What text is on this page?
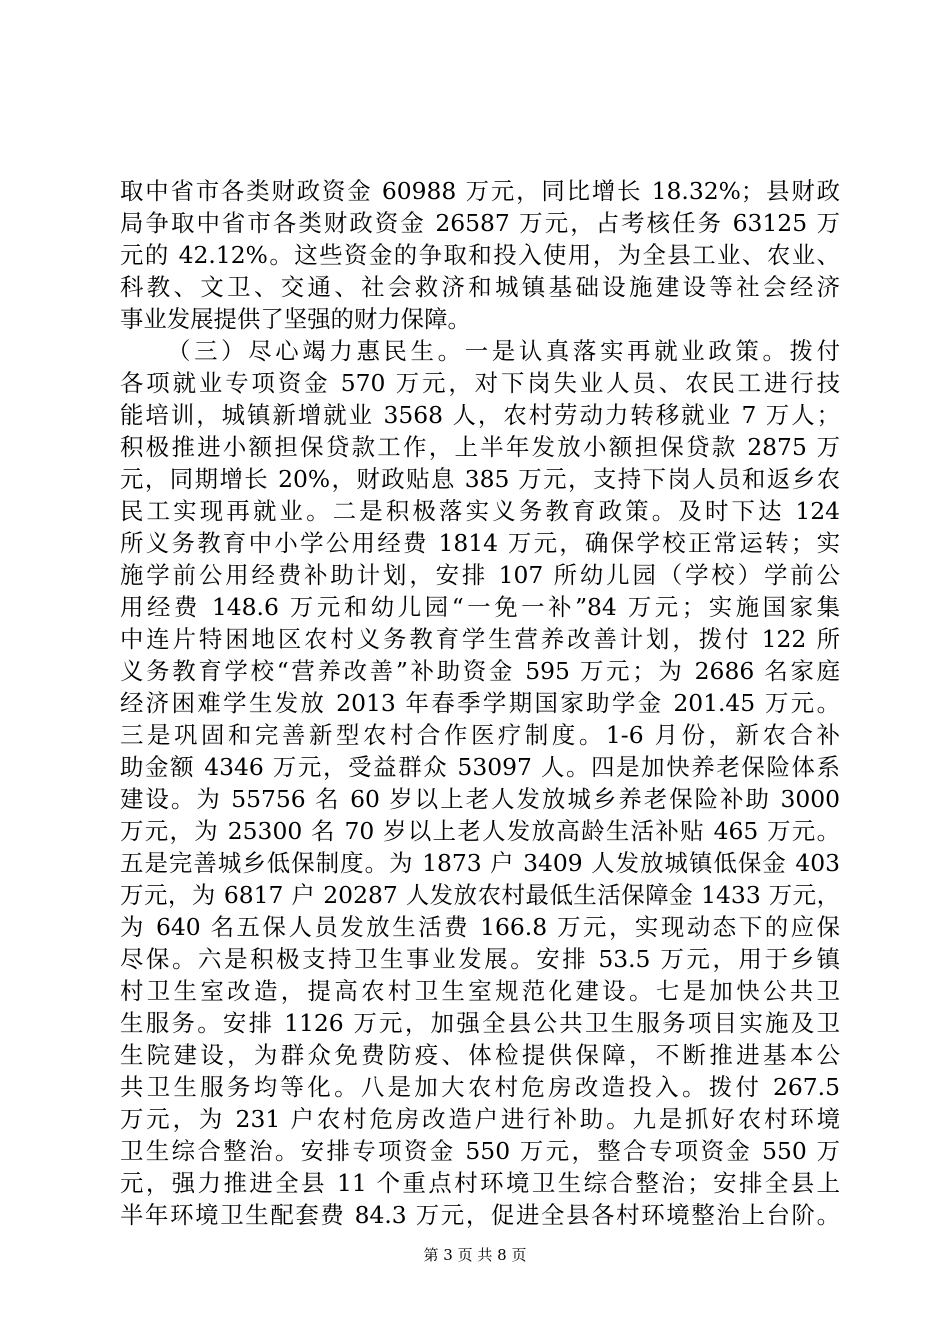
取中省市各类财政资金 60988 万元，同比增长 18.32%；县财政
局争取中省市各类财政资金 26587 万元，占考核任务 63125 万
元的 42.12%。这些资金的争取和投入使用，为全县工业、农业、
科教、文卫、交通、社会救济和城镇基础设施建设等社会经济
事业发展提供了坚强的财力保障。
（三）尽心竭力惠民生。一是认真落实再就业政策。拨付
各项就业专项资金 570 万元，对下岗失业人员、农民工进行技
能培训，城镇新增就业 3568 人，农村劳动力转移就业 7 万人；
积极推进小额担保贷款工作，上半年发放小额担保贷款 2875 万
元，同期增长 20%，财政贴息 385 万元，支持下岗人员和返乡农
民工实现再就业。二是积极落实义务教育政策。及时下达 124
所义务教育中小学公用经费 1814 万元，确保学校正常运转；实
施学前公用经费补助计划，安排 107 所幼儿园（学校）学前公
用经费 148.6 万元和幼儿园“一免一补”84 万元；实施国家集
中连片特困地区农村义务教育学生营养改善计划，拨付 122 所
义务教育学校“营养改善”补助资金 595 万元；为 2686 名家庭
经济困难学生发放 2013 年春季学期国家助学金 201.45 万元。
三是巩固和完善新型农村合作医疗制度。1-6 月份，新农合补
助金额 4346 万元，受益群众 53097 人。四是加快养老保险体系
建设。为 55756 名 60 岁以上老人发放城乡养老保险补助 3000
万元，为 25300 名 70 岁以上老人发放高龄生活补贴 465 万元。
五是完善城乡低保制度。为 1873 户 3409 人发放城镇低保金 403
万元，为 6817 户 20287 人发放农村最低生活保障金 1433 万元，
为 640 名五保人员发放生活费 166.8 万元，实现动态下的应保
尽保。六是积极支持卫生事业发展。安排 53.5 万元，用于乡镇
村卫生室改造，提高农村卫生室规范化建设。七是加快公共卫
生服务。安排 1126 万元，加强全县公共卫生服务项目实施及卫
生院建设，为群众免费防疫、体检提供保障，不断推进基本公
共卫生服务均等化。八是加大农村危房改造投入。拨付 267.5
万元，为 231 户农村危房改造户进行补助。九是抓好农村环境
卫生综合整治。安排专项资金 550 万元，整合专项资金 550 万
元，强力推进全县 11 个重点村环境卫生综合整治；安排全县上
半年环境卫生配套费 84.3 万元，促进全县各村环境整治上台阶。
第 3 页 共 8 页
